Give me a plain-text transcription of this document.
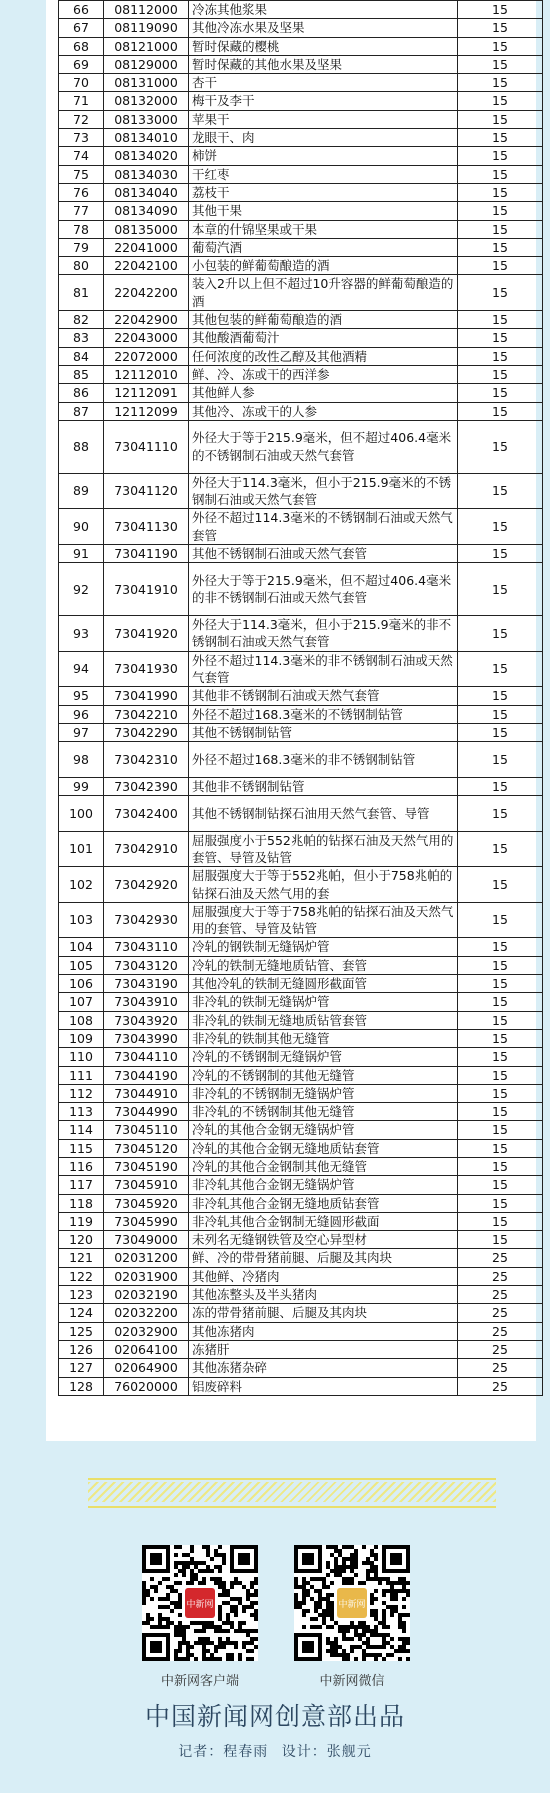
66	08112000	冷冻其他浆果	15
67	08119090	其他冷冻水果及坚果	15
68	08121000	暂时保藏的樱桃	15
69	08129000	暂时保藏的其他水果及坚果	15
70	08131000	杏干	15
71	08132000	梅干及李干	15
72	08133000	苹果干	15
73	08134010	龙眼干、肉	15
74	08134020	柿饼	15
75	08134030	干红枣	15
76	08134040	荔枝干	15
77	08134090	其他干果	15
78	08135000	本章的什锦坚果或干果	15
79	22041000	葡萄汽酒	15
80	22042100	小包装的鲜葡萄酿造的酒	15
81	22042200	装入2升以上但不超过10升容器的鲜葡萄酿造的酒	15
82	22042900	其他包装的鲜葡萄酿造的酒	15
83	22043000	其他酸酒葡萄汁	15
84	22072000	任何浓度的改性乙醇及其他酒精	15
85	12112010	鲜、冷、冻或干的西洋参	15
86	12112091	其他鲜人参	15
87	12112099	其他冷、冻或干的人参	15
88	73041110	外径大于等于215.9毫米，但不超过406.4毫米的不锈钢制石油或天然气套管	15
89	73041120	外径大于114.3毫米，但小于215.9毫米的不锈钢制石油或天然气套管	15
90	73041130	外径不超过114.3毫米的不锈钢制石油或天然气套管	15
91	73041190	其他不锈钢制石油或天然气套管	15
92	73041910	外径大于等于215.9毫米，但不超过406.4毫米的非不锈钢制石油或天然气套管	15
93	73041920	外径大于114.3毫米，但小于215.9毫米的非不锈钢制石油或天然气套管	15
94	73041930	外径不超过114.3毫米的非不锈钢制石油或天然气套管	15
95	73041990	其他非不锈钢制石油或天然气套管	15
96	73042210	外径不超过168.3毫米的不锈钢制钻管	15
97	73042290	其他不锈钢制钻管	15
98	73042310	外径不超过168.3毫米的非不锈钢制钻管	15
99	73042390	其他非不锈钢制钻管	15
100	73042400	其他不锈钢制钻探石油用天然气套管、导管	15
101	73042910	屈服强度小于552兆帕的钻探石油及天然气用的套管、导管及钻管	15
102	73042920	屈服强度大于等于552兆帕，但小于758兆帕的钻探石油及天然气用的套	15
103	73042930	屈服强度大于等于758兆帕的钻探石油及天然气用的套管、导管及钻管	15
104	73043110	冷轧的钢铁制无缝锅炉管	15
105	73043120	冷轧的铁制无缝地质钻管、套管	15
106	73043190	其他冷轧的铁制无缝圆形截面管	15
107	73043910	非冷轧的铁制无缝锅炉管	15
108	73043920	非冷轧的铁制无缝地质钻管套管	15
109	73043990	非冷轧的铁制其他无缝管	15
110	73044110	冷轧的不锈钢制无缝锅炉管	15
111	73044190	冷轧的不锈钢制的其他无缝管	15
112	73044910	非冷轧的不锈钢制无缝锅炉管	15
113	73044990	非冷轧的不锈钢制其他无缝管	15
114	73045110	冷轧的其他合金钢无缝锅炉管	15
115	73045120	冷轧的其他合金钢无缝地质钻套管	15
116	73045190	冷轧的其他合金钢制其他无缝管	15
117	73045910	非冷轧其他合金钢无缝锅炉管	15
118	73045920	非冷轧其他合金钢无缝地质钻套管	15
119	73045990	非冷轧其他合金钢制无缝圆形截面	15
120	73049000	未列名无缝钢铁管及空心异型材	15
121	02031200	鲜、冷的带骨猪前腿、后腿及其肉块	25
122	02031900	其他鲜、冷猪肉	25
123	02032190	其他冻整头及半头猪肉	25
124	02032200	冻的带骨猪前腿、后腿及其肉块	25
125	02032900	其他冻猪肉	25
126	02064100	冻猪肝	25
127	02064900	其他冻猪杂碎	25
128	76020000	铝废碎料	25
中新网	中新网
中新网客户端	中新网微信
中国新闻网创意部出品
记者：程春雨 设计：张舰元
